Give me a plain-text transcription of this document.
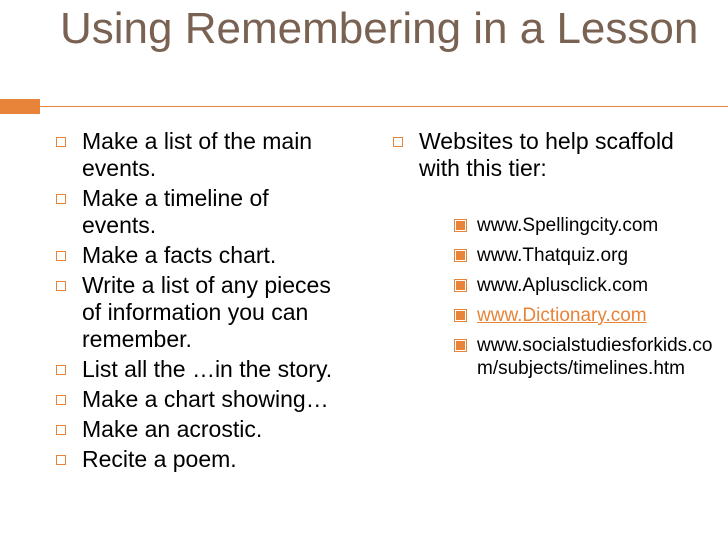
Using Remembering in a Lesson
Make a list of the main events.
Make a timeline of events.
Make a facts chart.
Write a list of any pieces of information you can remember.
List all the …in the story.
Make a chart showing…
Make an acrostic.
Recite a poem.
Websites to help scaffold with this tier:
www.Spellingcity.com
www.Thatquiz.org
www.Aplusclick.com
www.Dictionary.com
www.socialstudiesforkids.com/subjects/timelines.htm
